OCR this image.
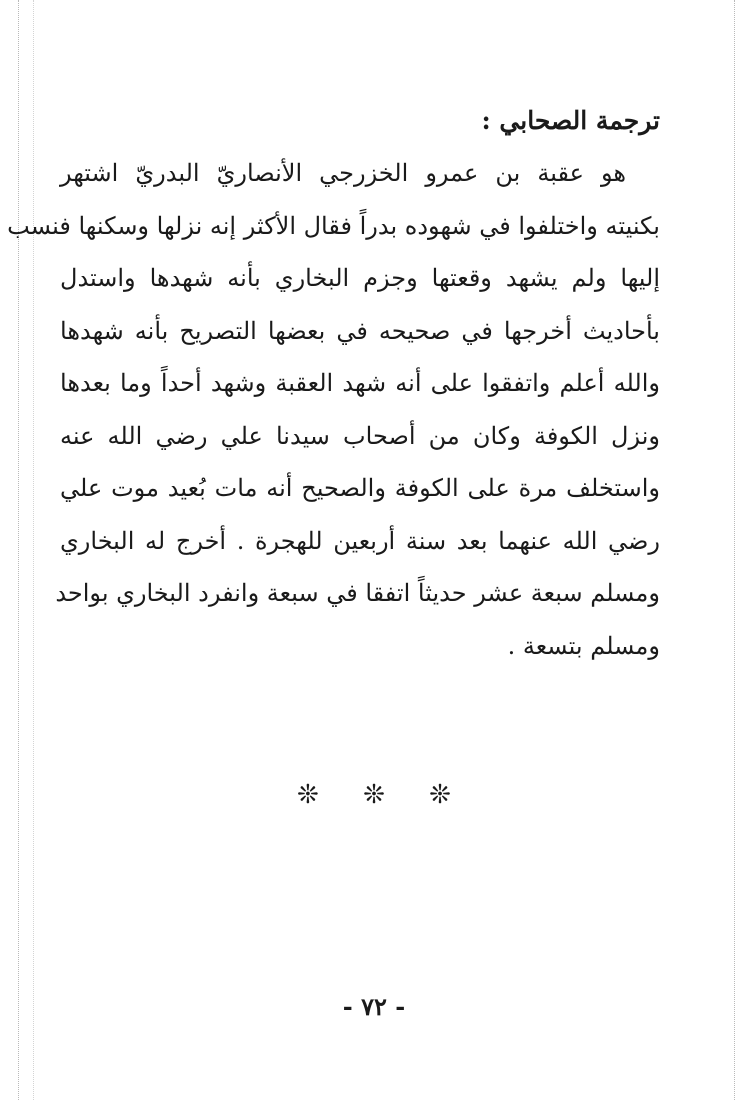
ترجمة الصحابي :
هو عقبة بن عمرو الخزرجي الأنصاريّ البدريّ اشتهر
بكنيته واختلفوا في شهوده بدراً فقال الأكثر إنه نزلها وسكنها فنسب
إليها ولم يشهد وقعتها وجزم البخاري بأنه شهدها واستدل
بأحاديث أخرجها في صحيحه في بعضها التصريح بأنه شهدها
والله أعلم واتفقوا على أنه شهد العقبة وشهد أحداً وما بعدها
ونزل الكوفة وكان من أصحاب سيدنا علي رضي الله عنه
واستخلف مرة على الكوفة والصحيح أنه مات بُعيد موت علي
رضي الله عنهما بعد سنة أربعين للهجرة . أخرج له البخاري
ومسلم سبعة عشر حديثاً اتفقا في سبعة وانفرد البخاري بواحد
ومسلم بتسعة .
❊ ❊ ❊
- ٧٢ -
